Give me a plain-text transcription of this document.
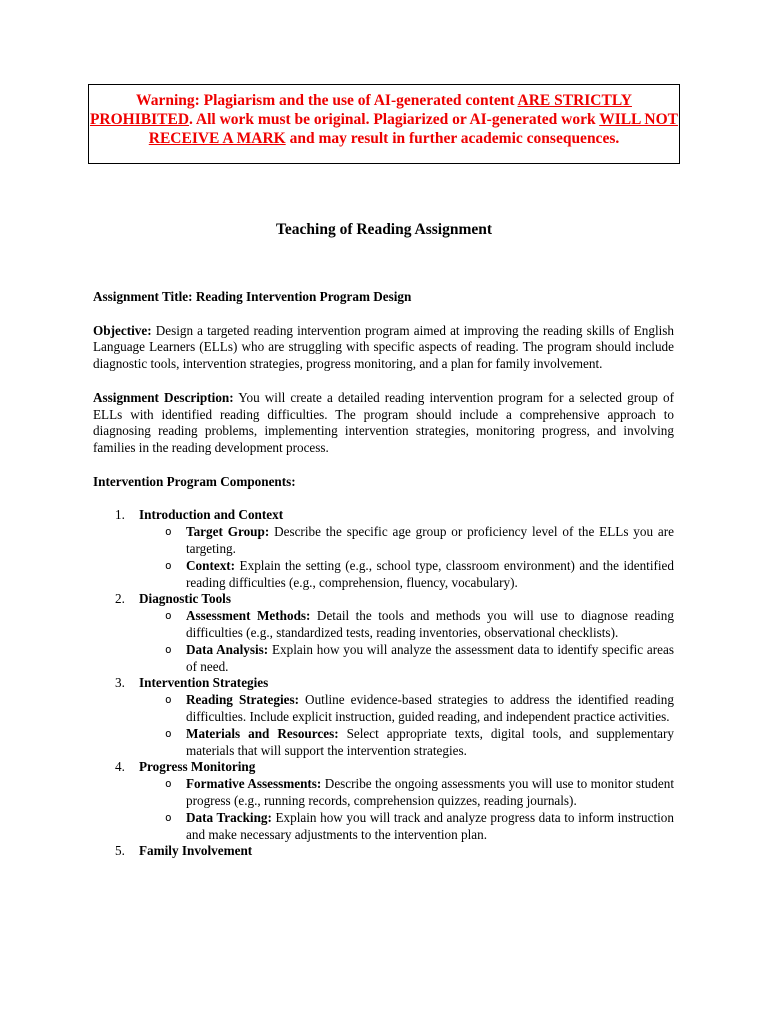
Warning: Plagiarism and the use of AI-generated content ARE STRICTLY PROHIBITED. All work must be original. Plagiarized or AI-generated work WILL NOT RECEIVE A MARK and may result in further academic consequences.
Teaching of Reading Assignment

Assignment Title: Reading Intervention Program Design

Objective: Design a targeted reading intervention program aimed at improving the reading skills of English Language Learners (ELLs) who are struggling with specific aspects of reading. The program should include diagnostic tools, intervention strategies, progress monitoring, and a plan for family involvement.

Assignment Description: You will create a detailed reading intervention program for a selected group of ELLs with identified reading difficulties. The program should include a comprehensive approach to diagnosing reading problems, implementing intervention strategies, monitoring progress, and involving families in the reading development process.

Intervention Program Components:

1. Introduction and Context
o Target Group: Describe the specific age group or proficiency level of the ELLs you are targeting.
o Context: Explain the setting (e.g., school type, classroom environment) and the identified reading difficulties (e.g., comprehension, fluency, vocabulary).
2. Diagnostic Tools
o Assessment Methods: Detail the tools and methods you will use to diagnose reading difficulties (e.g., standardized tests, reading inventories, observational checklists).
o Data Analysis: Explain how you will analyze the assessment data to identify specific areas of need.
3. Intervention Strategies
o Reading Strategies: Outline evidence-based strategies to address the identified reading difficulties. Include explicit instruction, guided reading, and independent practice activities.
o Materials and Resources: Select appropriate texts, digital tools, and supplementary materials that will support the intervention strategies.
4. Progress Monitoring
o Formative Assessments: Describe the ongoing assessments you will use to monitor student progress (e.g., running records, comprehension quizzes, reading journals).
o Data Tracking: Explain how you will track and analyze progress data to inform instruction and make necessary adjustments to the intervention plan.
5. Family Involvement
